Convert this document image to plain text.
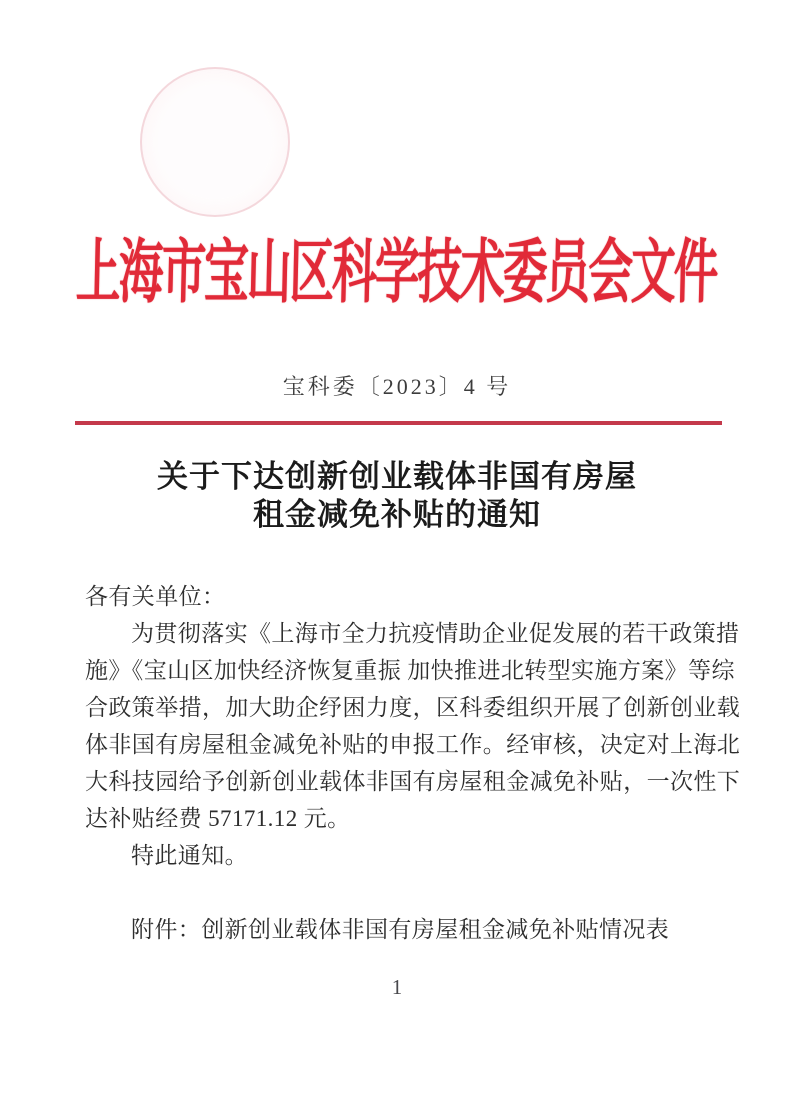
上海市宝山区科学技术委员会文件
宝科委〔2023〕4 号
关于下达创新创业载体非国有房屋
租金减免补贴的通知
各有关单位：
为贯彻落实《上海市全力抗疫情助企业促发展的若干政策措
施》《宝山区加快经济恢复重振 加快推进北转型实施方案》等综
合政策举措，加大助企纾困力度，区科委组织开展了创新创业载
体非国有房屋租金减免补贴的申报工作。经审核，决定对上海北
大科技园给予创新创业载体非国有房屋租金减免补贴，一次性下
达补贴经费 57171.12 元。
特此通知。
附件：创新创业载体非国有房屋租金减免补贴情况表
1
